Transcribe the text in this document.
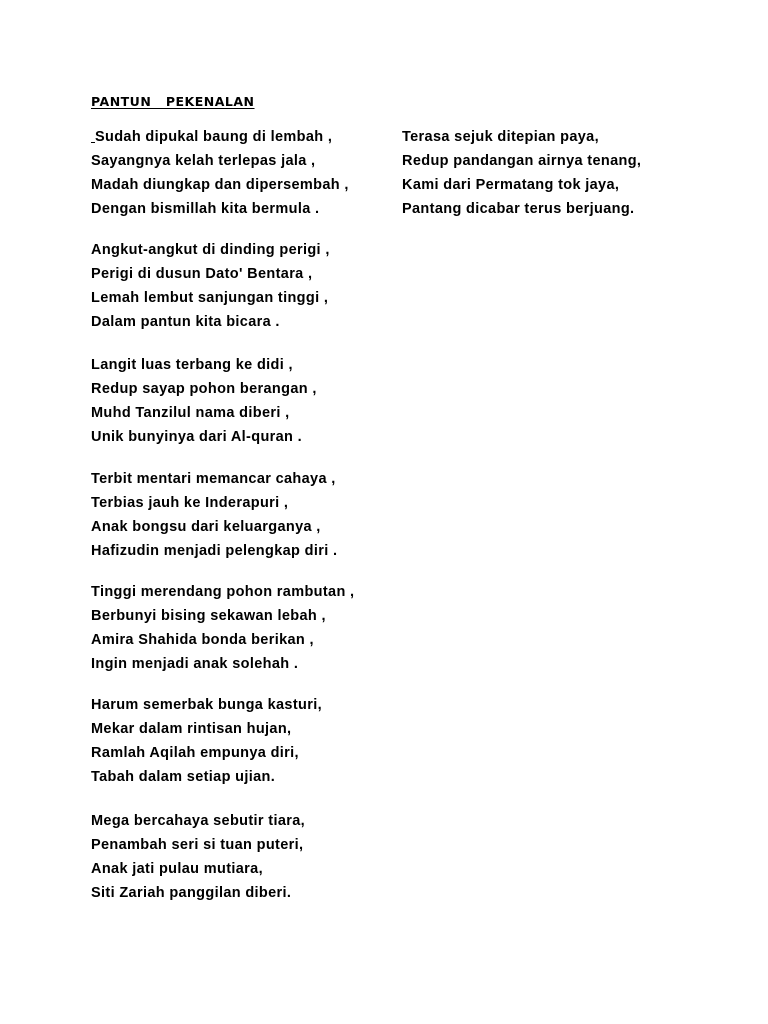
PANTUN   PEKENALAN
Sudah dipukal baung di lembah ,
Sayangnya kelah terlepas jala ,
Madah diungkap dan dipersembah ,
Dengan bismillah kita bermula .
Terasa sejuk ditepian paya,
Redup pandangan airnya tenang,
Kami dari Permatang tok jaya,
Pantang dicabar terus berjuang.
Angkut-angkut di dinding perigi ,
Perigi di dusun Dato' Bentara ,
Lemah lembut sanjungan tinggi ,
Dalam pantun kita bicara .
Langit luas terbang ke didi ,
Redup sayap pohon berangan ,
Muhd Tanzilul nama diberi ,
Unik bunyinya dari Al-quran .
Terbit mentari memancar cahaya ,
Terbias jauh ke Inderapuri ,
Anak bongsu dari keluarganya ,
Hafizudin menjadi pelengkap diri .
Tinggi merendang pohon rambutan ,
Berbunyi bising sekawan lebah ,
Amira Shahida bonda berikan ,
Ingin menjadi anak solehah .
Harum semerbak bunga kasturi,
Mekar dalam rintisan hujan,
Ramlah Aqilah empunya diri,
Tabah dalam setiap ujian.
Mega bercahaya sebutir tiara,
Penambah seri si tuan puteri,
Anak jati pulau mutiara,
Siti Zariah panggilan diberi.
